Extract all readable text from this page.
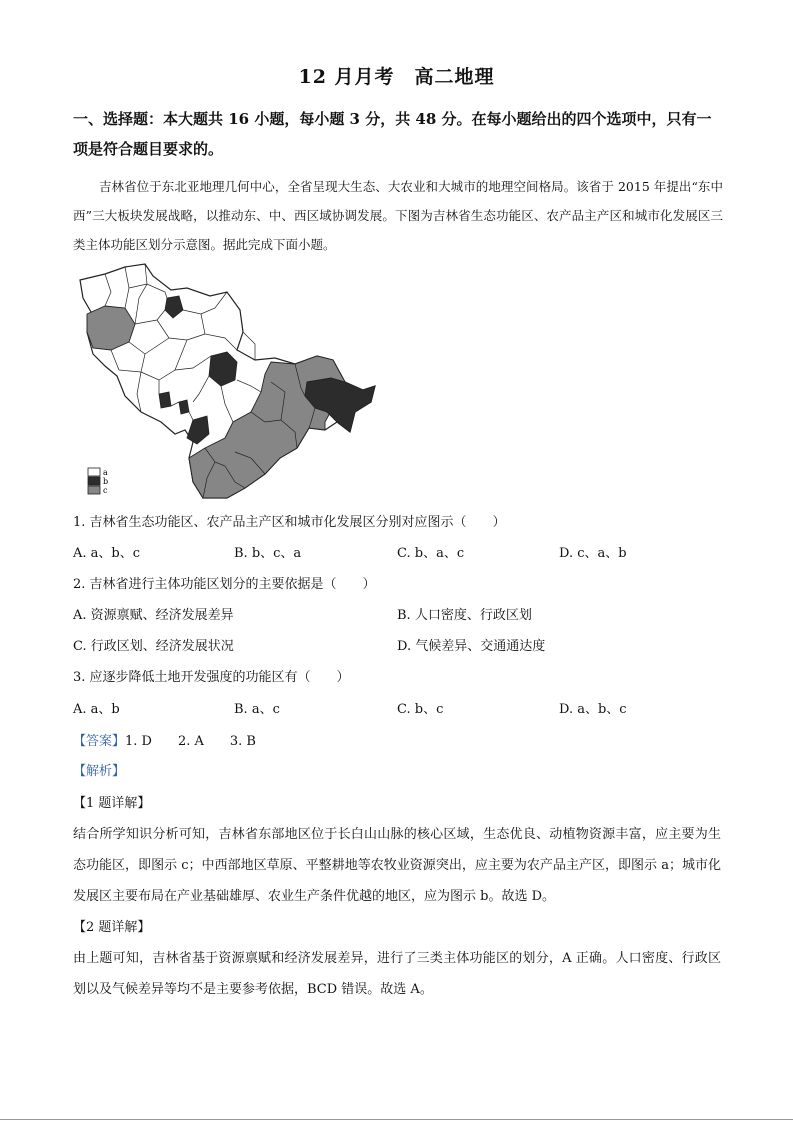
12 月月考　高二地理
一、选择题：本大题共 16 小题，每小题 3 分，共 48 分。在每小题给出的四个选项中，只有一项是符合题目要求的。
吉林省位于东北亚地理几何中心，全省呈现大生态、大农业和大城市的地理空间格局。该省于 2015 年提出“东中西”三大板块发展战略，以推动东、中、西区域协调发展。下图为吉林省生态功能区、农产品主产区和城市化发展区三类主体功能区划分示意图。据此完成下面小题。
a
b
c
1. 吉林省生态功能区、农产品主产区和城市化发展区分别对应图示（　　）
A. a、b、c	B. b、c、a	C. b、a、c	D. c、a、b
2. 吉林省进行主体功能区划分的主要依据是（　　）
A. 资源禀赋、经济发展差异	B. 人口密度、行政区划
C. 行政区划、经济发展状况	D. 气候差异、交通通达度
3. 应逐步降低土地开发强度的功能区有（　　）
A. a、b	B. a、c	C. b、c	D. a、b、c
【答案】1. D　　2. A　　3. B
【解析】
【1 题详解】
结合所学知识分析可知，吉林省东部地区位于长白山山脉的核心区域，生态优良、动植物资源丰富，应主要为生态功能区，即图示 c；中西部地区草原、平整耕地等农牧业资源突出，应主要为农产品主产区，即图示 a；城市化发展区主要布局在产业基础雄厚、农业生产条件优越的地区，应为图示 b。故选 D。
【2 题详解】
由上题可知，吉林省基于资源禀赋和经济发展差异，进行了三类主体功能区的划分，A 正确。人口密度、行政区划以及气候差异等均不是主要参考依据，BCD 错误。故选 A。
